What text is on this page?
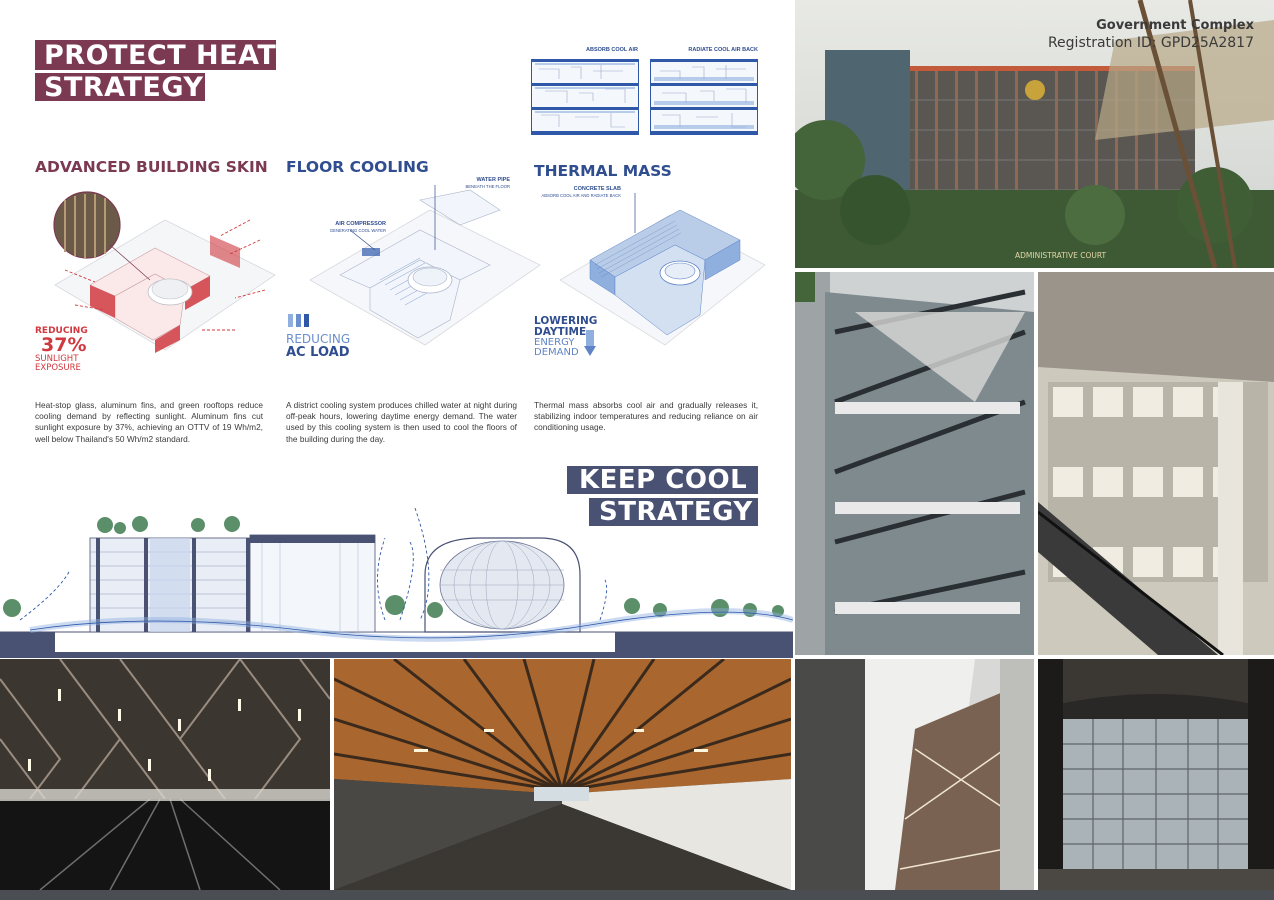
PROTECT HEAT
STRATEGY
ABSORB COOL AIR	RADIATE COOL AIR BACK
ADVANCED BUILDING SKIN FLOOR COOLING	THERMAL MASS
REDUCING
37%
SUNLIGHT
EXPOSURE
WATER PIPE
BENEATH THE FLOOR
AIR COMPRESSOR
GENERATING COOL WATER
REDUCING
AC LOAD
CONCRETE SLAB
ABSORB COOL AIR AND RADIATE BACK
LOWERING
DAYTIME
ENERGY
DEMAND
Heat-stop glass, aluminum fins, and green rooftops reduce cooling demand by reflecting sunlight. Aluminum fins cut sunlight exposure by 37%, achieving an OTTV of 19 Wh/m2, well below Thailand's 50 Wh/m2 standard.
A district cooling system produces chilled water at night during off-peak hours, lowering daytime energy demand. The water used by this cooling system is then used to cool the floors of the building during the day.
Thermal mass absorbs cool air and gradually releases it, stabilizing indoor temperatures and reducing reliance on air conditioning usage.
KEEP COOL
STRATEGY
ADMINISTRATIVE COURT
Government Complex
Registration ID: GPD25A2817
